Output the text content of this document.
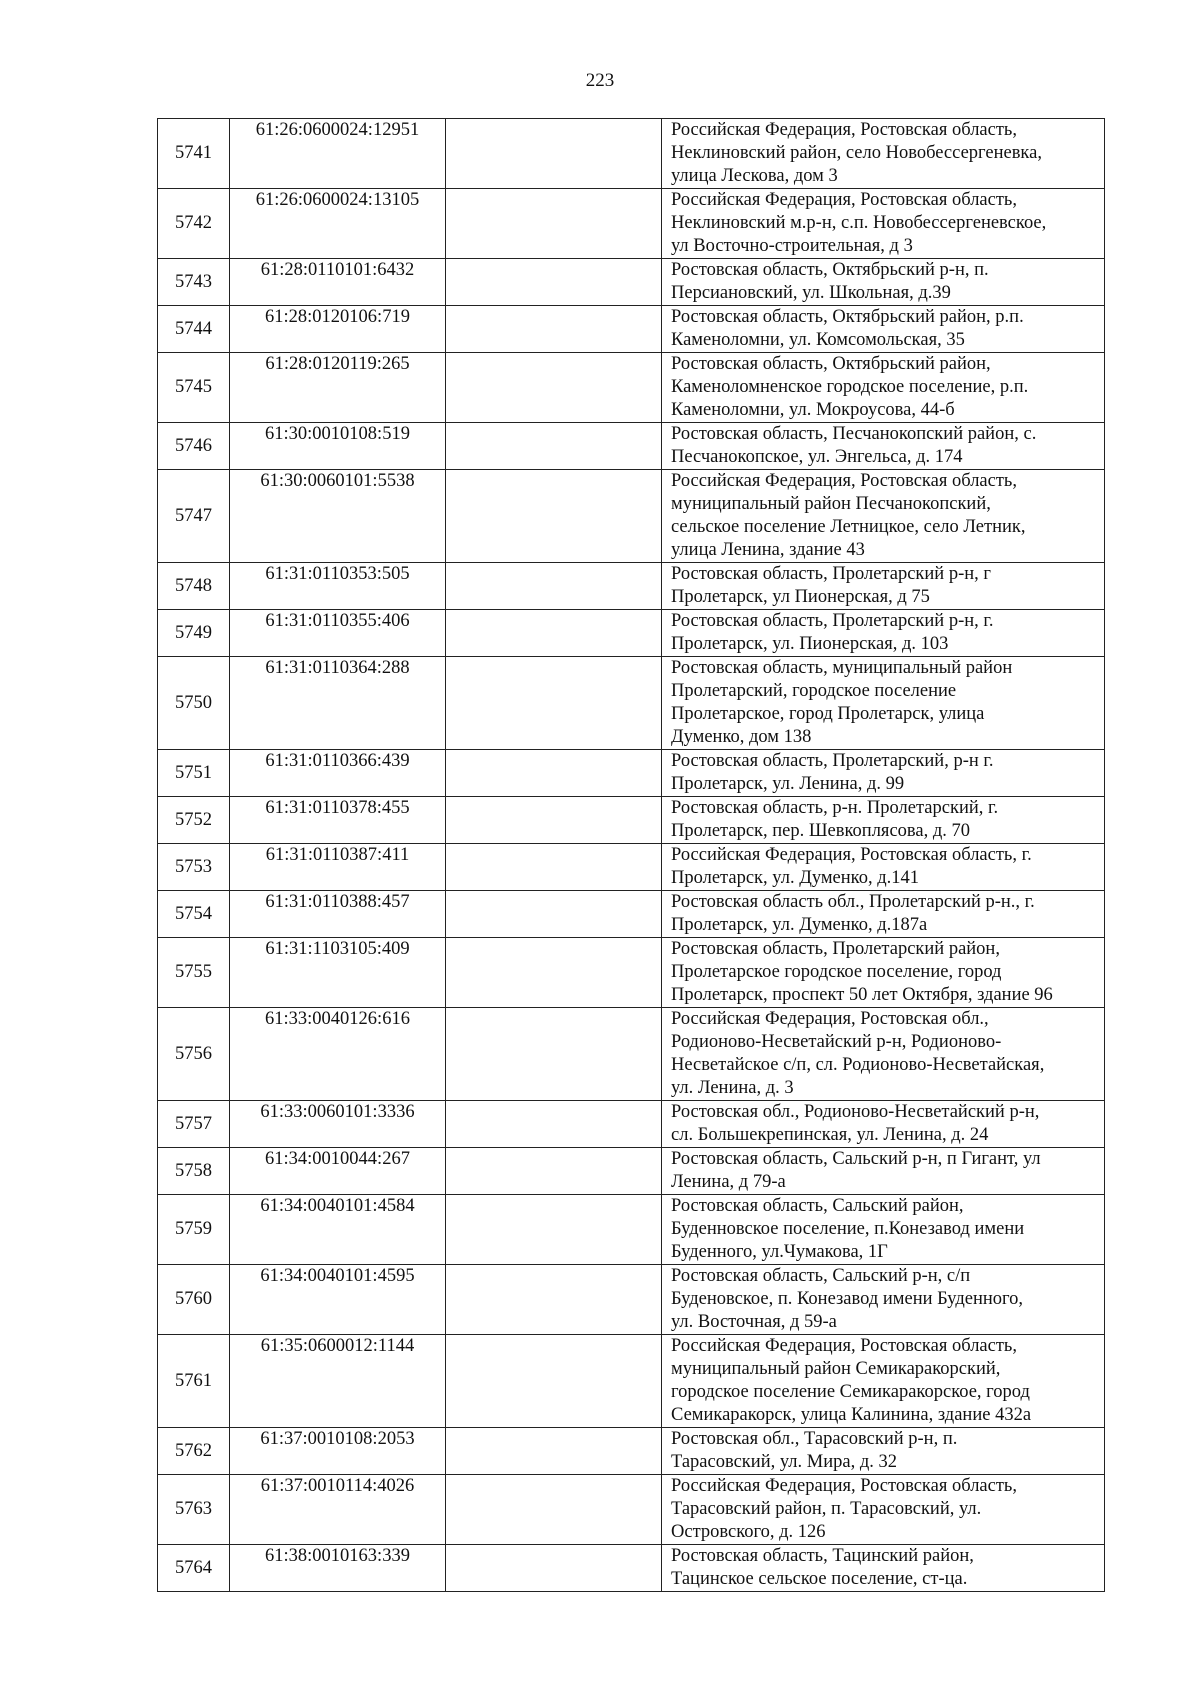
223
5741	61:26:0600024:12951		Российская Федерация, Ростовская область,
Неклиновский район, село Новобессергеневка,
улица Лескова, дом 3

5742	61:26:0600024:13105		Российская Федерация, Ростовская область,
Неклиновский м.р-н, с.п. Новобессергеневское,
ул Восточно-строительная, д 3

5743	61:28:0110101:6432		Ростовская область, Октябрьский р-н, п.
Персиановский, ул. Школьная, д.39

5744	61:28:0120106:719		Ростовская область, Октябрьский район, р.п.
Каменоломни, ул. Комсомольская, 35

5745	61:28:0120119:265		Ростовская область, Октябрьский район,
Каменоломненское городское поселение, р.п.
Каменоломни, ул. Мокроусова, 44-б

5746	61:30:0010108:519		Ростовская область, Песчанокопский район, с.
Песчанокопское, ул. Энгельса, д. 174

5747	61:30:0060101:5538		Российская Федерация, Ростовская область,
муниципальный район Песчанокопский,
сельское поселение Летницкое, село Летник,
улица Ленина, здание 43

5748	61:31:0110353:505		Ростовская область, Пролетарский р-н, г
Пролетарск, ул Пионерская, д 75

5749	61:31:0110355:406		Ростовская область, Пролетарский р-н, г.
Пролетарск, ул. Пионерская, д. 103

5750	61:31:0110364:288		Ростовская область, муниципальный район
Пролетарский, городское поселение
Пролетарское, город Пролетарск, улица
Думенко, дом 138

5751	61:31:0110366:439		Ростовская область, Пролетарский, р-н г.
Пролетарск, ул. Ленина, д. 99

5752	61:31:0110378:455		Ростовская область, р-н. Пролетарский, г.
Пролетарск, пер. Шевкоплясова, д. 70

5753	61:31:0110387:411		Российская Федерация, Ростовская область, г.
Пролетарск, ул. Думенко, д.141

5754	61:31:0110388:457		Ростовская область обл., Пролетарский р-н., г.
Пролетарск, ул. Думенко, д.187а

5755	61:31:1103105:409		Ростовская область, Пролетарский район,
Пролетарское городское поселение, город
Пролетарск, проспект 50 лет Октября, здание 96

5756	61:33:0040126:616		Российская Федерация, Ростовская обл.,
Родионово-Несветайский р-н, Родионово-
Несветайское с/п, сл. Родионово-Несветайская,
ул. Ленина, д. 3

5757	61:33:0060101:3336		Ростовская обл., Родионово-Несветайский р-н,
сл. Большекрепинская, ул. Ленина, д. 24

5758	61:34:0010044:267		Ростовская область, Сальский р-н, п Гигант, ул
Ленина, д 79-а

5759	61:34:0040101:4584		Ростовская область, Сальский район,
Буденновское поселение, п.Конезавод имени
Буденного, ул.Чумакова, 1Г

5760	61:34:0040101:4595		Ростовская область, Сальский р-н, с/п
Буденовское, п. Конезавод имени Буденного,
ул. Восточная, д 59-а

5761	61:35:0600012:1144		Российская Федерация, Ростовская область,
муниципальный район Семикаракорский,
городское поселение Семикаракорское, город
Семикаракорск, улица Калинина, здание 432а

5762	61:37:0010108:2053		Ростовская обл., Тарасовский р-н, п.
Тарасовский, ул. Мира, д. 32

5763	61:37:0010114:4026		Российская Федерация, Ростовская область,
Тарасовский район, п. Тарасовский, ул.
Островского, д. 126

5764	61:38:0010163:339		Ростовская область, Тацинский район,
Тацинское сельское поселение, ст-ца.
